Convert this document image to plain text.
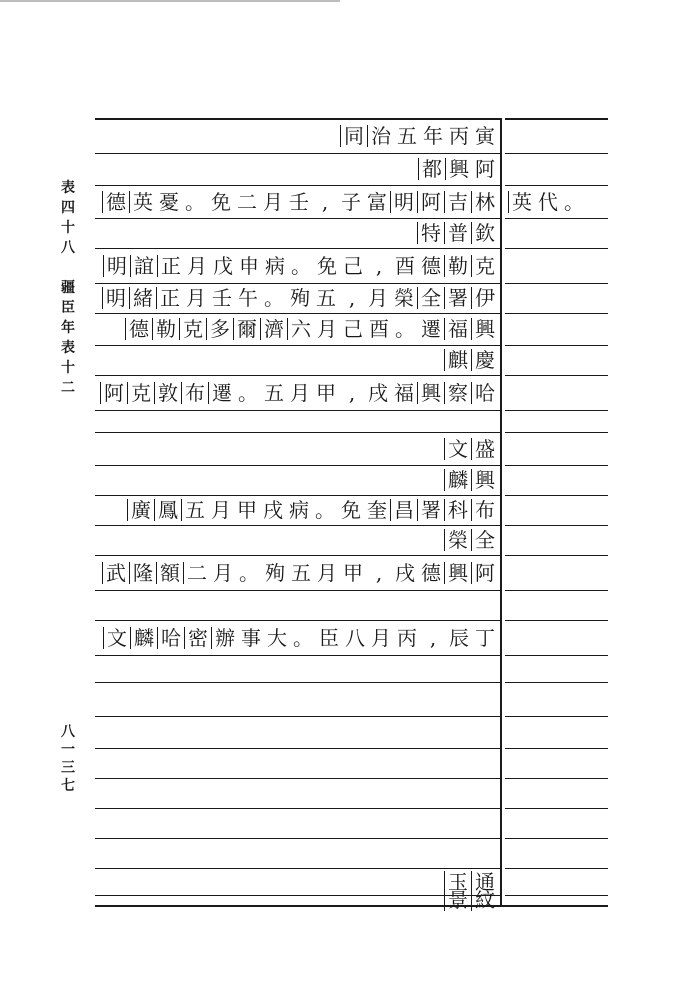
同 治 五 年 丙 寅
都 興 阿
德 英 憂 。 免 二 月 壬 , 子 富 明 阿 吉 林 英 代 。
特 普 欽
明 誼 正 月 戊 申 病 。 免 己 , 酉 德 勒 克
明 緒 正 月 壬 午 。 殉 五 , 月 榮 全 署 伊
德 勒 克 多 爾 濟 六 月 己 酉 。 遷 福 興
麒 慶
阿 克 敦 布 遷 。 五 月 甲 , 戌 福 興 察 哈
文 盛
麟 興
廣 鳳 五 月 甲 戌 病 。 免 奎 昌 署 科 布
榮 全
武 隆 額 二 月 。 殉 五 月 甲 , 戌 德 興 阿
文 麟 哈 密 辦 事 大 。 臣 八 月 丙 , 辰 丁
玉 通
景 紋
表
四
十
八
疆
臣
年
表
十
二
八
一
三
七
